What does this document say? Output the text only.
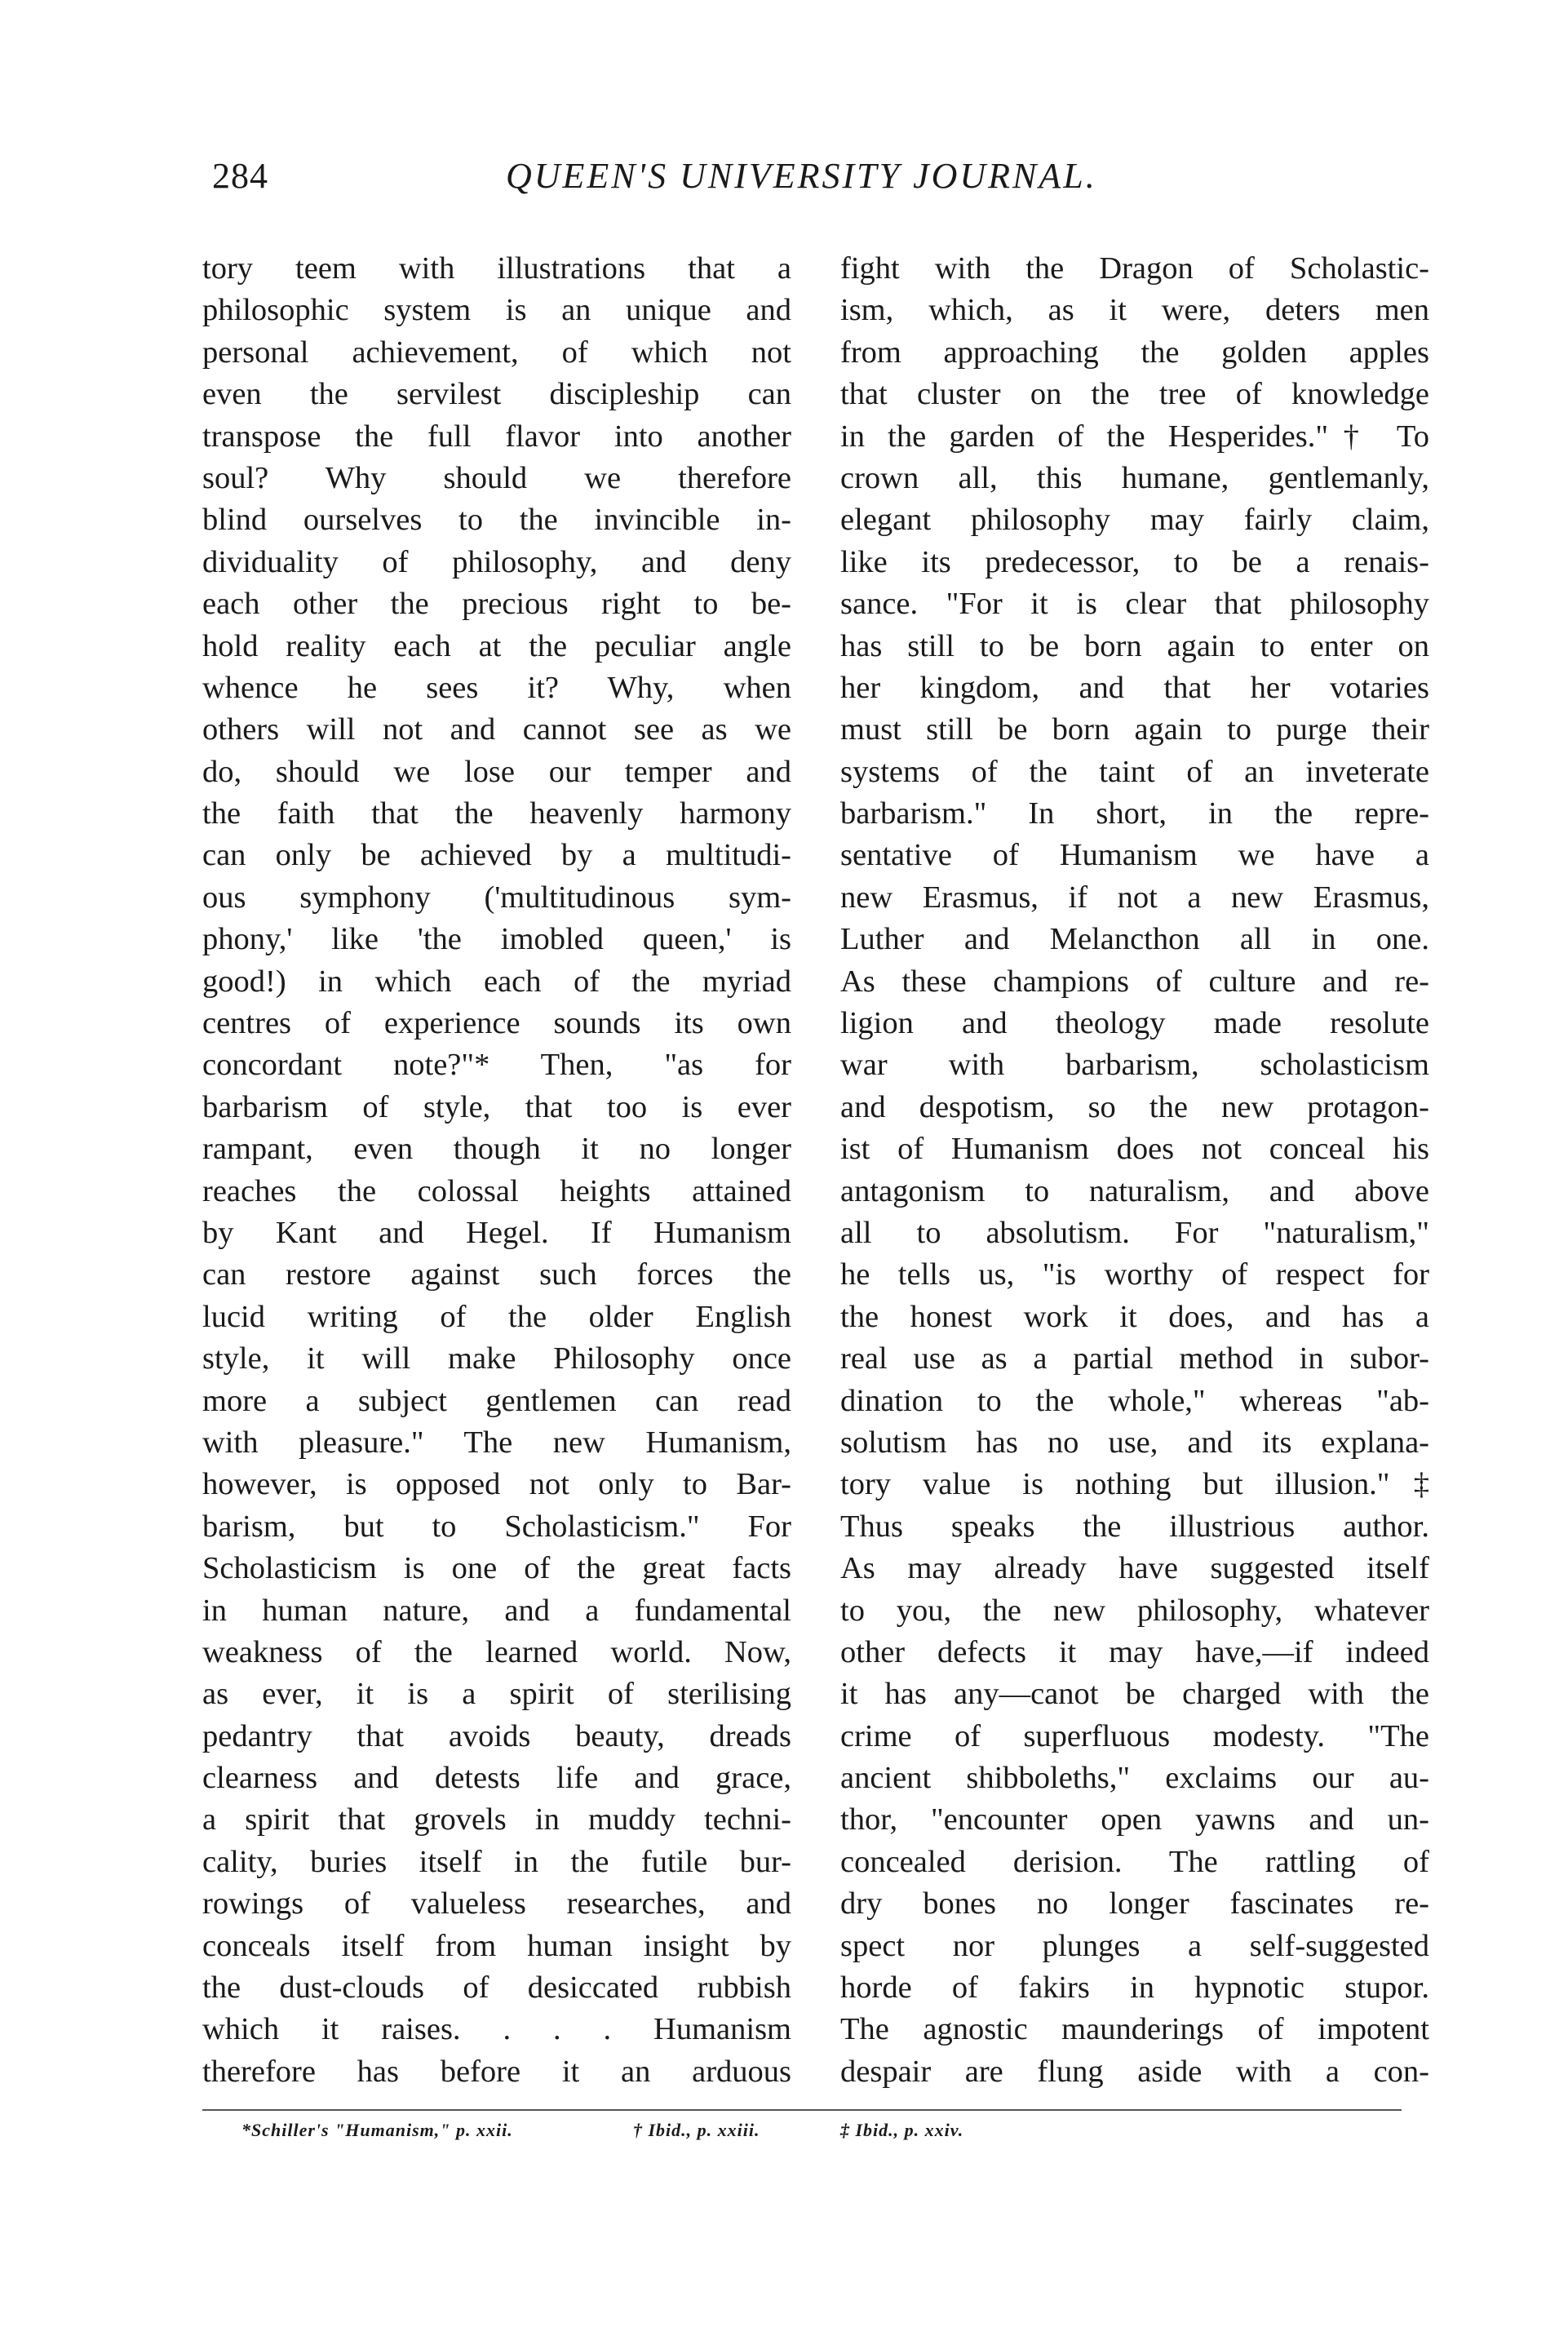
284	QUEEN'S UNIVERSITY JOURNAL.
tory teem with illustrations that a
philosophic system is an unique and
personal achievement, of which not
even the servilest discipleship can
transpose the full flavor into another
soul? Why should we therefore
blind ourselves to the invincible in-
dividuality of philosophy, and deny
each other the precious right to be-
hold reality each at the peculiar angle
whence he sees it? Why, when
others will not and cannot see as we
do, should we lose our temper and
the faith that the heavenly harmony
can only be achieved by a multitudi-
ous symphony ('multitudinous sym-
phony,' like 'the imobled queen,' is
good!) in which each of the myriad
centres of experience sounds its own
concordant note?"* Then, "as for
barbarism of style, that too is ever
rampant, even though it no longer
reaches the colossal heights attained
by Kant and Hegel. If Humanism
can restore against such forces the
lucid writing of the older English
style, it will make Philosophy once
more a subject gentlemen can read
with pleasure." The new Humanism,
however, is opposed not only to Bar-
barism, but to Scholasticism." For
Scholasticism is one of the great facts
in human nature, and a fundamental
weakness of the learned world. Now,
as ever, it is a spirit of sterilising
pedantry that avoids beauty, dreads
clearness and detests life and grace,
a spirit that grovels in muddy techni-
cality, buries itself in the futile bur-
rowings of valueless researches, and
conceals itself from human insight by
the dust-clouds of desiccated rubbish
which it raises. . . . Humanism
therefore has before it an arduous
fight with the Dragon of Scholastic-
ism, which, as it were, deters men
from approaching the golden apples
that cluster on the tree of knowledge
in the garden of the Hesperides."† To
crown all, this humane, gentlemanly,
elegant philosophy may fairly claim,
like its predecessor, to be a renais-
sance. "For it is clear that philosophy
has still to be born again to enter on
her kingdom, and that her votaries
must still be born again to purge their
systems of the taint of an inveterate
barbarism." In short, in the repre-
sentative of Humanism we have a
new Erasmus, if not a new Erasmus,
Luther and Melancthon all in one.
As these champions of culture and re-
ligion and theology made resolute
war with barbarism, scholasticism
and despotism, so the new protagon-
ist of Humanism does not conceal his
antagonism to naturalism, and above
all to absolutism. For "naturalism,"
he tells us, "is worthy of respect for
the honest work it does, and has a
real use as a partial method in subor-
dination to the whole," whereas "ab-
solutism has no use, and its explana-
tory value is nothing but illusion."‡
Thus speaks the illustrious author.
As may already have suggested itself
to you, the new philosophy, whatever
other defects it may have,—if indeed
it has any—canot be charged with the
crime of superfluous modesty. "The
ancient shibboleths," exclaims our au-
thor, "encounter open yawns and un-
concealed derision. The rattling of
dry bones no longer fascinates re-
spect nor plunges a self-suggested
horde of fakirs in hypnotic stupor.
The agnostic maunderings of impotent
despair are flung aside with a con-
*Schiller's "Humanism," p. xxii.	† Ibid., p. xxiii.	‡ Ibid., p. xxiv.
